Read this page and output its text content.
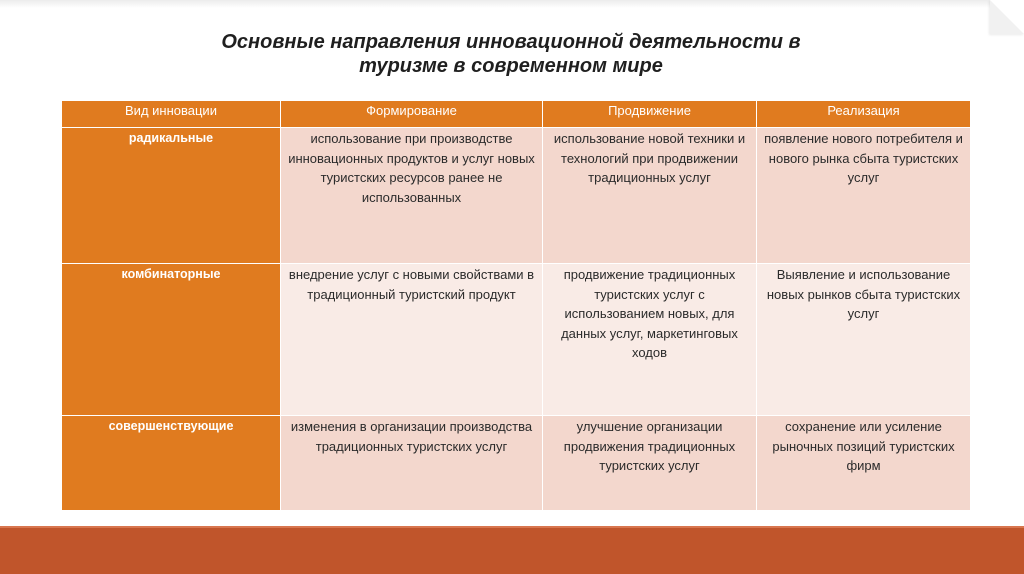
Основные направления инновационной деятельности в
туризме в современном мире
Вид инновации	Формирование	Продвижение	Реализация
радикальные	использование при производстве инновационных продуктов и услуг новых туристских ресурсов ранее не использованных	использование новой техники и технологий при продвижении традиционных услуг	появление нового потребителя и нового рынка сбыта туристских услуг
комбинаторные	внедрение услуг с новыми свойствами в традиционный туристский продукт	продвижение традиционных туристских услуг с использованием новых, для данных услуг, маркетинговых ходов	Выявление и использование новых рынков сбыта туристских услуг
совершенствующие	изменения в организации производства традиционных туристских услуг	улучшение организации продвижения традиционных туристских услуг	сохранение или усиление рыночных позиций туристских фирм
